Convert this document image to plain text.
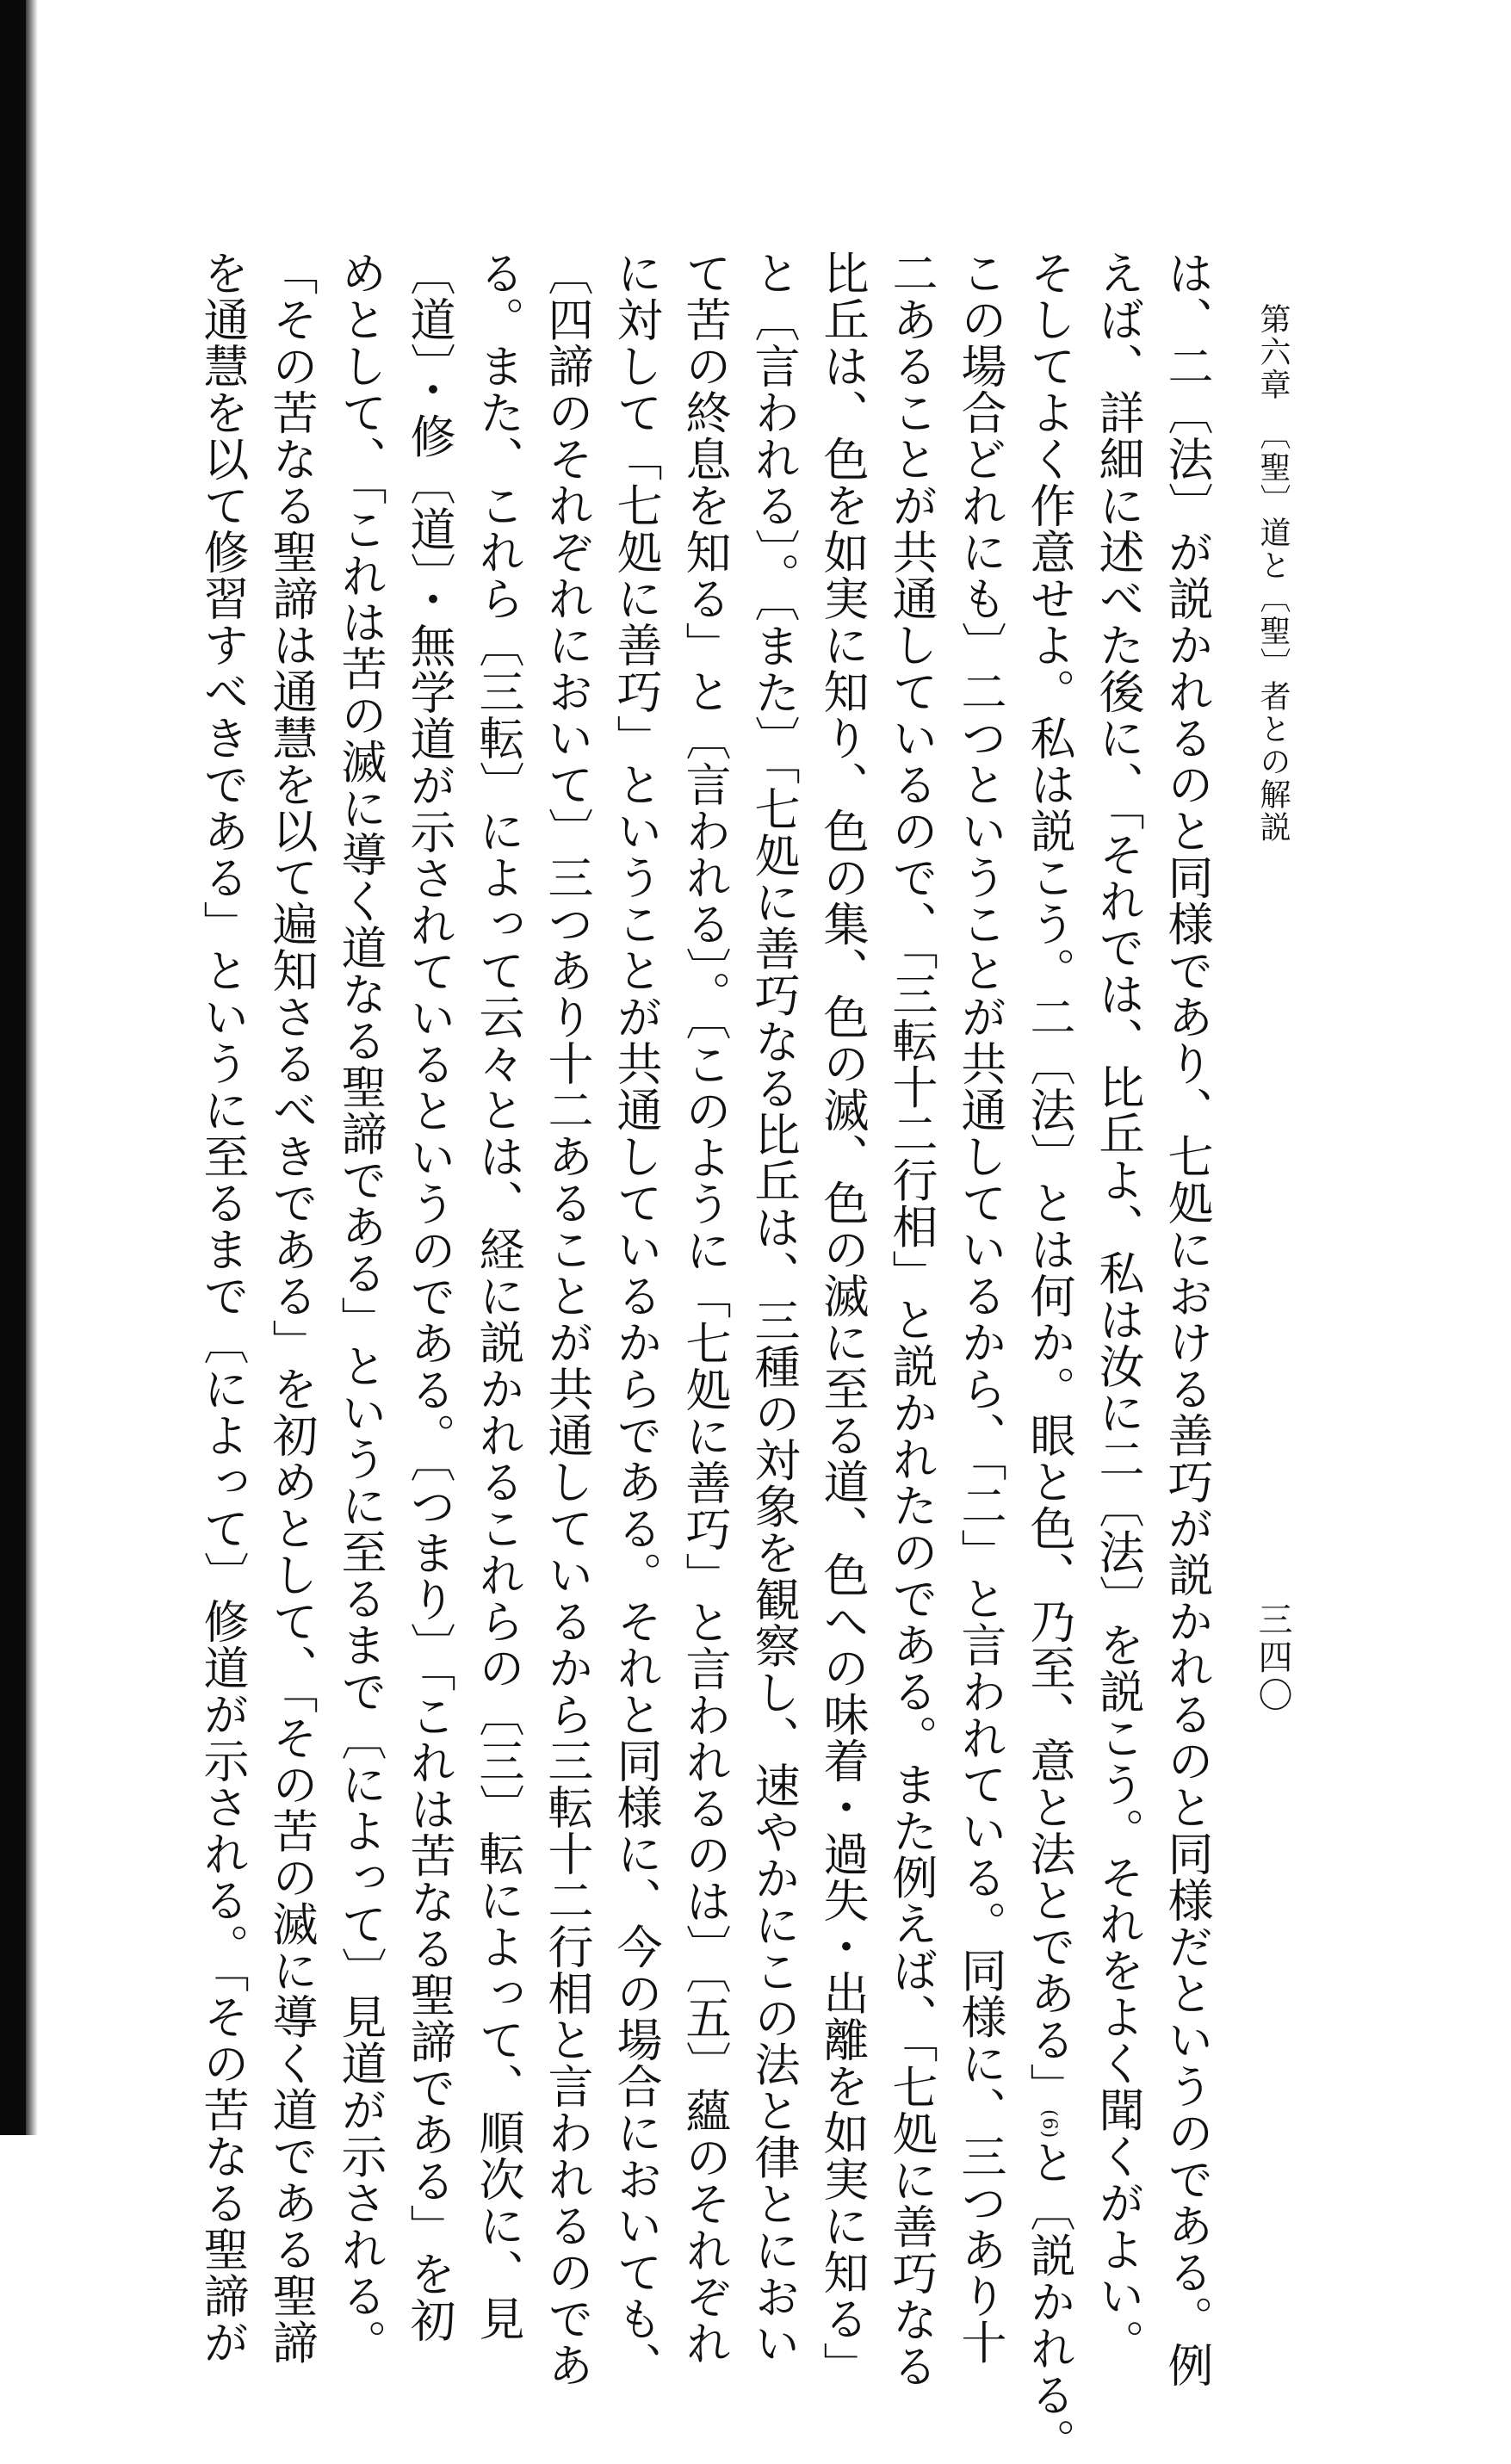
第六章　〔聖〕道と〔聖〕者との解説
三四〇
は、二〔法〕が説かれるのと同様であり、七処における善巧が説かれるのと同様だというのである。例
えば、詳細に述べた後に、「それでは、比丘よ、私は汝に二〔法〕を説こう。それをよく聞くがよい。
そしてよく作意せよ。私は説こう。二〔法〕とは何か。眼と色、乃至、意と法とである」(6)と〔説かれる。
この場合どれにも〕二つということが共通しているから、「二」と言われている。同様に、三つあり十
二あることが共通しているので、「三転十二行相」と説かれたのである。また例えば、「七処に善巧なる
比丘は、色を如実に知り、色の集、色の滅、色の滅に至る道、色への味着・過失・出離を如実に知る」
と〔言われる〕。〔また〕「七処に善巧なる比丘は、三種の対象を観察し、速やかにこの法と律とにおい
て苦の終息を知る」と〔言われる〕。〔このように「七処に善巧」と言われるのは〕〔五〕蘊のそれぞれ
に対して「七処に善巧」ということが共通しているからである。それと同様に、今の場合においても、
〔四諦のそれぞれにおいて〕三つあり十二あることが共通しているから三転十二行相と言われるのであ
る。また、これら〔三転〕によって云々とは、経に説かれるこれらの〔三〕転によって、順次に、見
〔道〕・修〔道〕・無学道が示されているというのである。〔つまり〕「これは苦なる聖諦である」を初
めとして、「これは苦の滅に導く道なる聖諦である」というに至るまで〔によって〕見道が示される。
「その苦なる聖諦は通慧を以て遍知さるべきである」を初めとして、「その苦の滅に導く道である聖諦
を通慧を以て修習すべきである」というに至るまで〔によって〕修道が示される。「その苦なる聖諦が
